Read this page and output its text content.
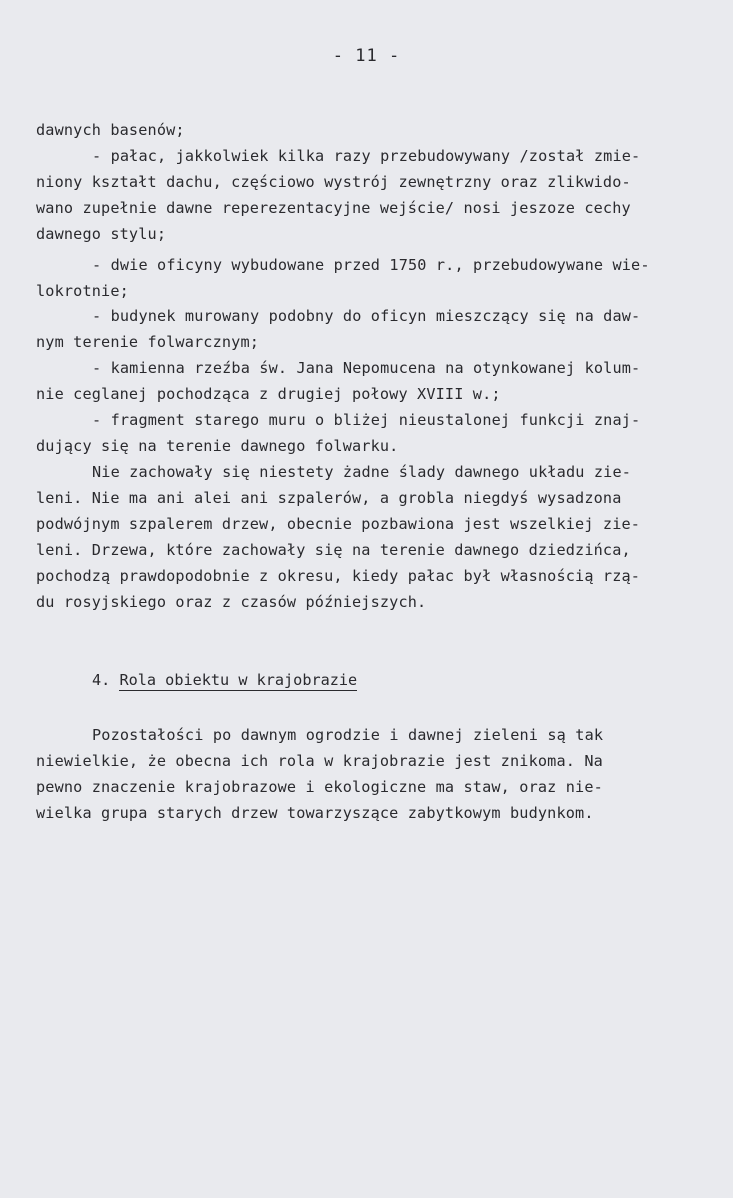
- 11 -
dawnych basenów;
- pałac, jakkolwiek kilka razy przebudowywany /został zmie-
niony kształt dachu, częściowo wystrój zewnętrzny oraz zlikwido-
wano zupełnie dawne reperezentacyjne wejście/ nosi jeszoze cechy
dawnego stylu;
- dwie oficyny wybudowane przed 1750 r., przebudowywane wie-
lokrotnie;
- budynek murowany podobny do oficyn mieszczący się na daw-
nym terenie folwarcznym;
- kamienna rzeźba św. Jana Nepomucena na otynkowanej kolum-
nie ceglanej pochodząca z drugiej połowy XVIII w.;
- fragment starego muru o bliżej nieustalonej funkcji znaj-
dujący się na terenie dawnego folwarku.
Nie zachowały się niestety żadne ślady dawnego układu zie-
leni. Nie ma ani alei ani szpalerów, a grobla niegdyś wysadzona
podwójnym szpalerem drzew, obecnie pozbawiona jest wszelkiej zie-
leni. Drzewa, które zachowały się na terenie dawnego dziedzińca,
pochodzą prawdopodobnie z okresu, kiedy pałac był własnością rzą-
du rosyjskiego oraz z czasów późniejszych.
4. Rola obiektu w krajobrazie
Pozostałości po dawnym ogrodzie i dawnej zieleni są tak
niewielkie, że obecna ich rola w krajobrazie jest znikoma. Na
pewno znaczenie krajobrazowe i ekologiczne ma staw, oraz nie-
wielka grupa starych drzew towarzyszące zabytkowym budynkom.
